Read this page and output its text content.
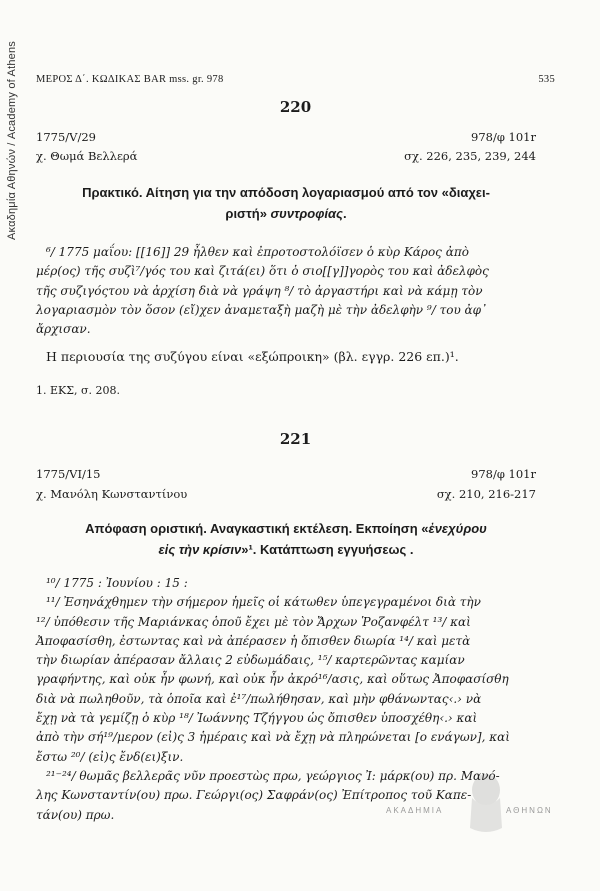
Ακαδημία Αθηνών / Academy of Athens ΜΕΡΟΣ Δ΄. ΚΩΔΙΚΑΣ BAR mss. gr. 978	535
220
1775/V/29	978/φ 101r
χ. Θωμά Βελλερά	σχ. 226, 235, 239, 244
Πρακτικό. Αίτηση για την απόδοση λογαριασμού από τον «διαχει-
ριστή» συντροφίας.
⁶/ 1775 μαΐου: [[16]] 29 ἦλθεν καὶ ἐπροτοστολόϊσεν ὁ κὺρ Κάρος ἀπὸ
μέρ(ος) τῆς συζὶ⁷/γός του καὶ ζιτά(ει) ὅτι ὁ σιο[[γ]]γορὸς του καὶ ἀδελφὸς
τῆς συζιγόςτου νὰ ἀρχίση διὰ νὰ γράψη ⁸/ τὸ ἀργαστήρι καὶ νὰ κάμῃ τὸν
λογαριασμὸν τὸν ὅσον (εἴ)χεν ἀναμεταξὴ μαζὴ μὲ τὴν ἀδελφὴν ⁹/ του ἀφ᾽
ἄρχισαν.
Η περιουσία της συζύγου είναι «εξώπροικη» (βλ. εγγρ. 226 επ.)¹.
1. ΕΚΣ, σ. 208.
221
1775/VI/15	978/φ 101r
χ. Μανόλη Κωνσταντίνου	σχ. 210, 216-217
Απόφαση οριστική. Αναγκαστική εκτέλεση. Εκποίηση «ἐνεχύρου
εἰς τὴν κρίσιν»¹. Κατάπτωση εγγυήσεως .
¹⁰/ 1775 : Ἰουνίου : 15 :
¹¹/ Ἐσηνάχθημεν τὴν σήμερον ἡμεῖς οἱ κάτωθεν ὑπεγεγραμένοι διὰ τὴν
¹²/ ὑπόθεσιν τῆς Μαριάνκας ὁποῦ ἔχει μὲ τὸν Ἄρχων Ῥοζανφέλτ ¹³/ καὶ
Ἀποφασίσθη, ἐστωντας καὶ νὰ ἀπέρασεν ἡ ὄπισθεν διωρία ¹⁴/ καὶ μετὰ
τὴν διωρίαν ἀπέρασαν ἄλλαις 2 εὐδωμάδαις, ¹⁵/ καρτερῶντας καμίαν
γραφήντης, καὶ οὐκ ἦν φωνή, καὶ οὐκ ἦν ἀκρό¹⁶/ασις, καὶ οὕτως Ἀποφασίσθη
διὰ νὰ πωληθοῦν, τὰ ὁποῖα καὶ ἐ¹⁷/πωλήθησαν, καὶ μὴν φθάνωντας‹.› νὰ
ἔχῃ νὰ τὰ γεμίζῃ ὁ κὺρ ¹⁸/ Ἰωάννης Τζήγγου ὡς ὄπισθεν ὑποσχέθη‹.› καὶ
ἀπὸ τὴν σή¹⁹/μερον (εἰ)ς 3 ἡμέραις καὶ νὰ ἔχῃ νὰ πληρώνεται [ο ενάγων], καὶ
ἔστω ²⁰/ (εἰ)ς ἔνδ(ει)ξιν.
²¹⁻²⁴/ θωμᾶς βελλερᾶς νῦν προεστὼς πρω, γεώργιος Ἰ: μάρκ(ου) πρ. Μανό-
λης Κωνσταντίν(ου) πρω. Γεώργι(ος) Σαφράν(ος) Ἐπίτροπος τοῦ Καπε-
τάν(ου) πρω.	ΑΚΑΔΗΜΙΑ	ΑΘΗΝΩΝ
